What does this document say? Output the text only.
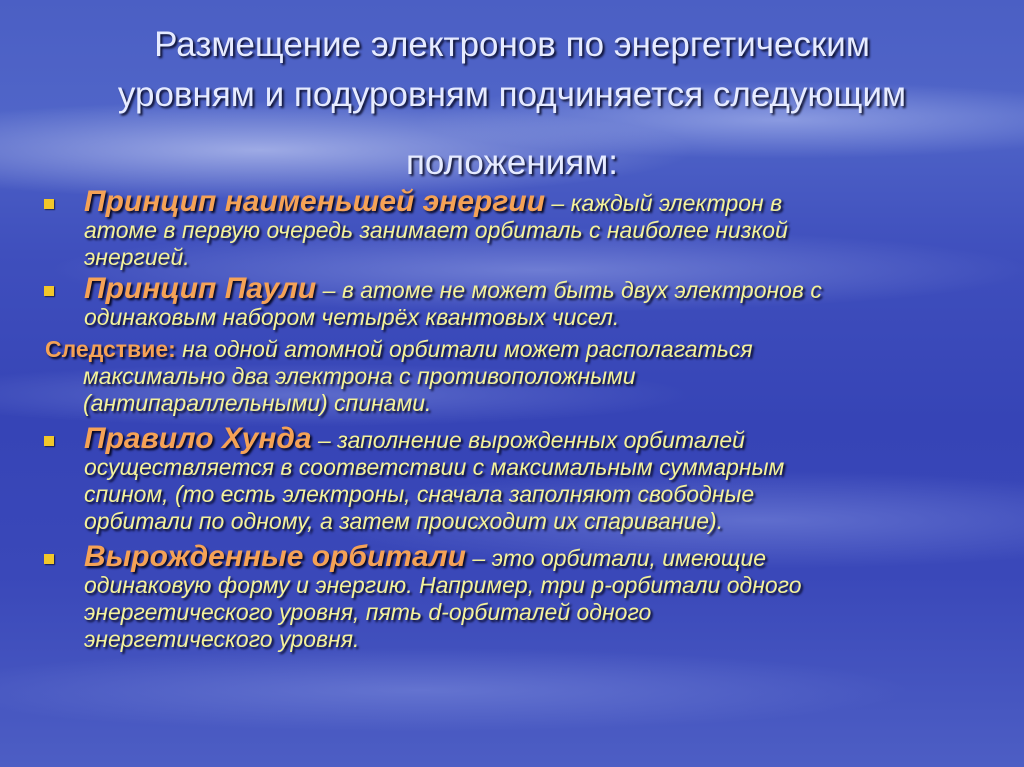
Размещение электронов по энергетическим
уровням и подуровням подчиняется следующим
положениям:
Принцип наименьшей энергии – каждый электрон в
атоме в первую очередь занимает орбиталь с наиболее низкой
энергией.
Принцип Паули – в атоме не может быть двух электронов с
одинаковым набором четырёх квантовых чисел.
Следствие: на одной атомной орбитали может располагаться
максимально два электрона с противоположными
(антипараллельными) спинами.
Правило Хунда – заполнение вырожденных орбиталей
осуществляется в соответствии с максимальным суммарным
спином, (то есть электроны, сначала заполняют свободные
орбитали по одному, а затем происходит их спаривание).
Вырожденные орбитали – это орбитали, имеющие
одинаковую форму и энергию. Например, три р-орбитали одного
энергетического уровня, пять d-орбиталей одного
энергетического уровня.
